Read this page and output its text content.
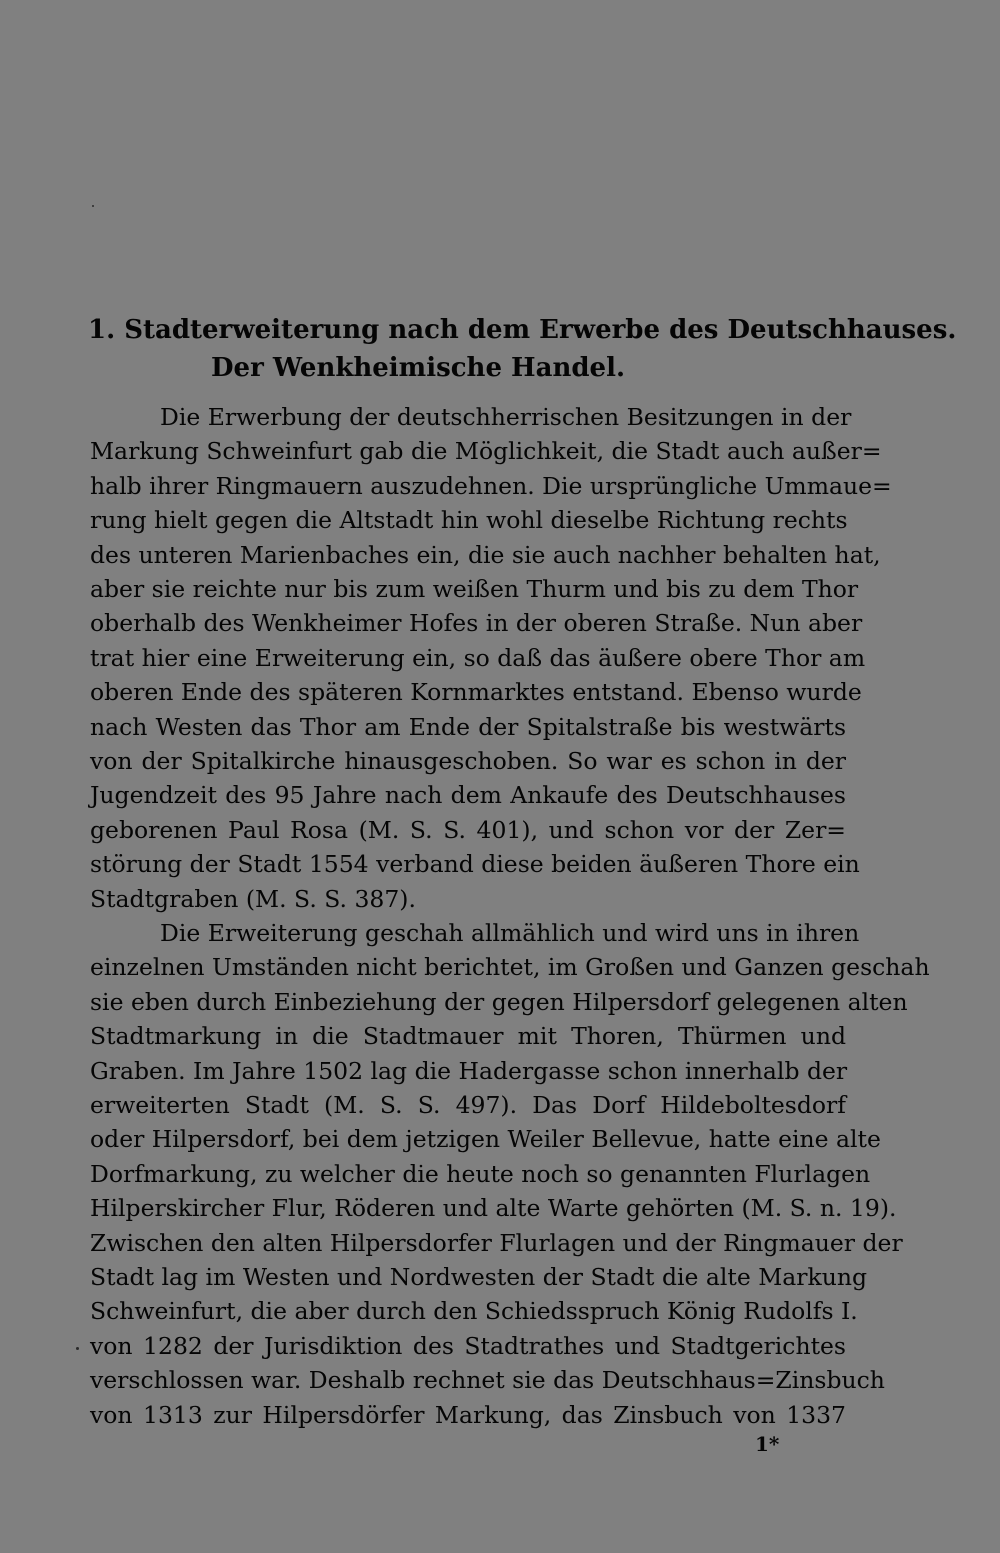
1. Stadterweiterung nach dem Erwerbe des Deutschhauses.
Der Wenkheimische Handel.
Die Erwerbung der deutschherrischen Besitzungen in der
Markung Schweinfurt gab die Möglichkeit, die Stadt auch außer=
halb ihrer Ringmauern auszudehnen. Die ursprüngliche Ummaue=
rung hielt gegen die Altstadt hin wohl dieselbe Richtung rechts
des unteren Marienbaches ein, die sie auch nachher behalten hat,
aber sie reichte nur bis zum weißen Thurm und bis zu dem Thor
oberhalb des Wenkheimer Hofes in der oberen Straße. Nun aber
trat hier eine Erweiterung ein, so daß das äußere obere Thor am
oberen Ende des späteren Kornmarktes entstand. Ebenso wurde
nach Westen das Thor am Ende der Spitalstraße bis westwärts
von der Spitalkirche hinausgeschoben. So war es schon in der
Jugendzeit des 95 Jahre nach dem Ankaufe des Deutschhauses
geborenen Paul Rosa (M. S. S. 401), und schon vor der Zer=
störung der Stadt 1554 verband diese beiden äußeren Thore ein
Stadtgraben (M. S. S. 387).
Die Erweiterung geschah allmählich und wird uns in ihren
einzelnen Umständen nicht berichtet, im Großen und Ganzen geschah
sie eben durch Einbeziehung der gegen Hilpersdorf gelegenen alten
Stadtmarkung in die Stadtmauer mit Thoren, Thürmen und
Graben. Im Jahre 1502 lag die Hadergasse schon innerhalb der
erweiterten Stadt (M. S. S. 497). Das Dorf Hildeboltesdorf
oder Hilpersdorf, bei dem jetzigen Weiler Bellevue, hatte eine alte
Dorfmarkung, zu welcher die heute noch so genannten Flurlagen
Hilperskircher Flur, Röderen und alte Warte gehörten (M. S. n. 19).
Zwischen den alten Hilpersdorfer Flurlagen und der Ringmauer der
Stadt lag im Westen und Nordwesten der Stadt die alte Markung
Schweinfurt, die aber durch den Schiedsspruch König Rudolfs I.
von 1282 der Jurisdiktion des Stadtrathes und Stadtgerichtes
verschlossen war. Deshalb rechnet sie das Deutschhaus=Zinsbuch
von 1313 zur Hilpersdörfer Markung, das Zinsbuch von 1337
1*
